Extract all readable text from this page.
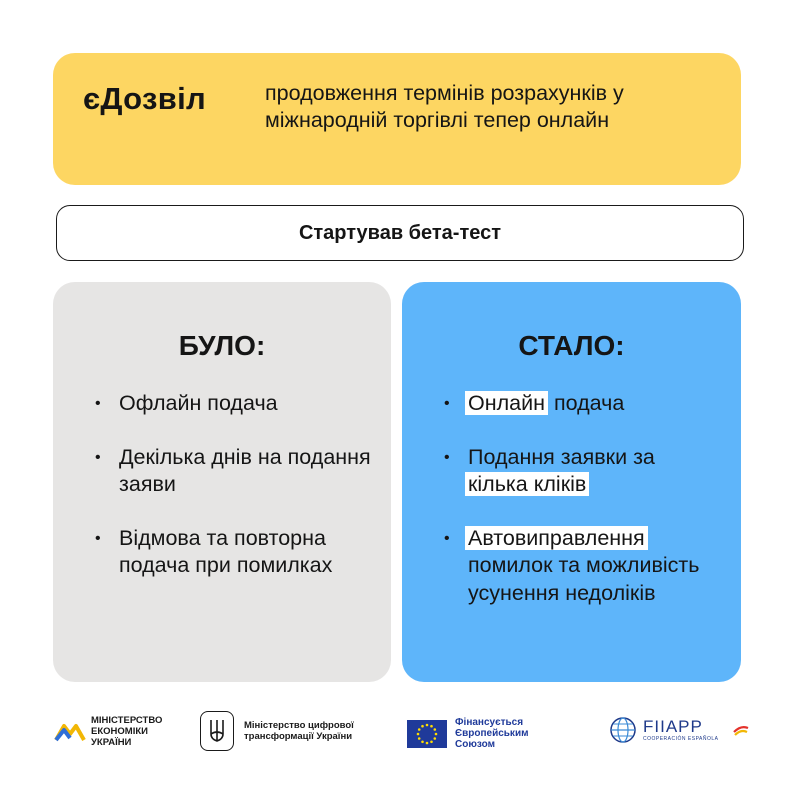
єДозвіл	продовження термінів розрахунків у міжнародній торгівлі тепер онлайн
Стартував бета-тест
БУЛО:
• Офлайн подача
• Декілька днів на подання заяви
• Відмова та повторна подача при помилках
СТАЛО:
• Онлайн подача
• Подання заявки за
кілька кліків
• Автовиправлення
помилок та можливість усунення недоліків
МІНІСТЕРСТВО ЕКОНОМІКИ УКРАЇНИ
Міністерство цифрової трансформації України
Фінансується Європейським Союзом
FIIAPP
COOPERACIÓN ESPAÑOLA
